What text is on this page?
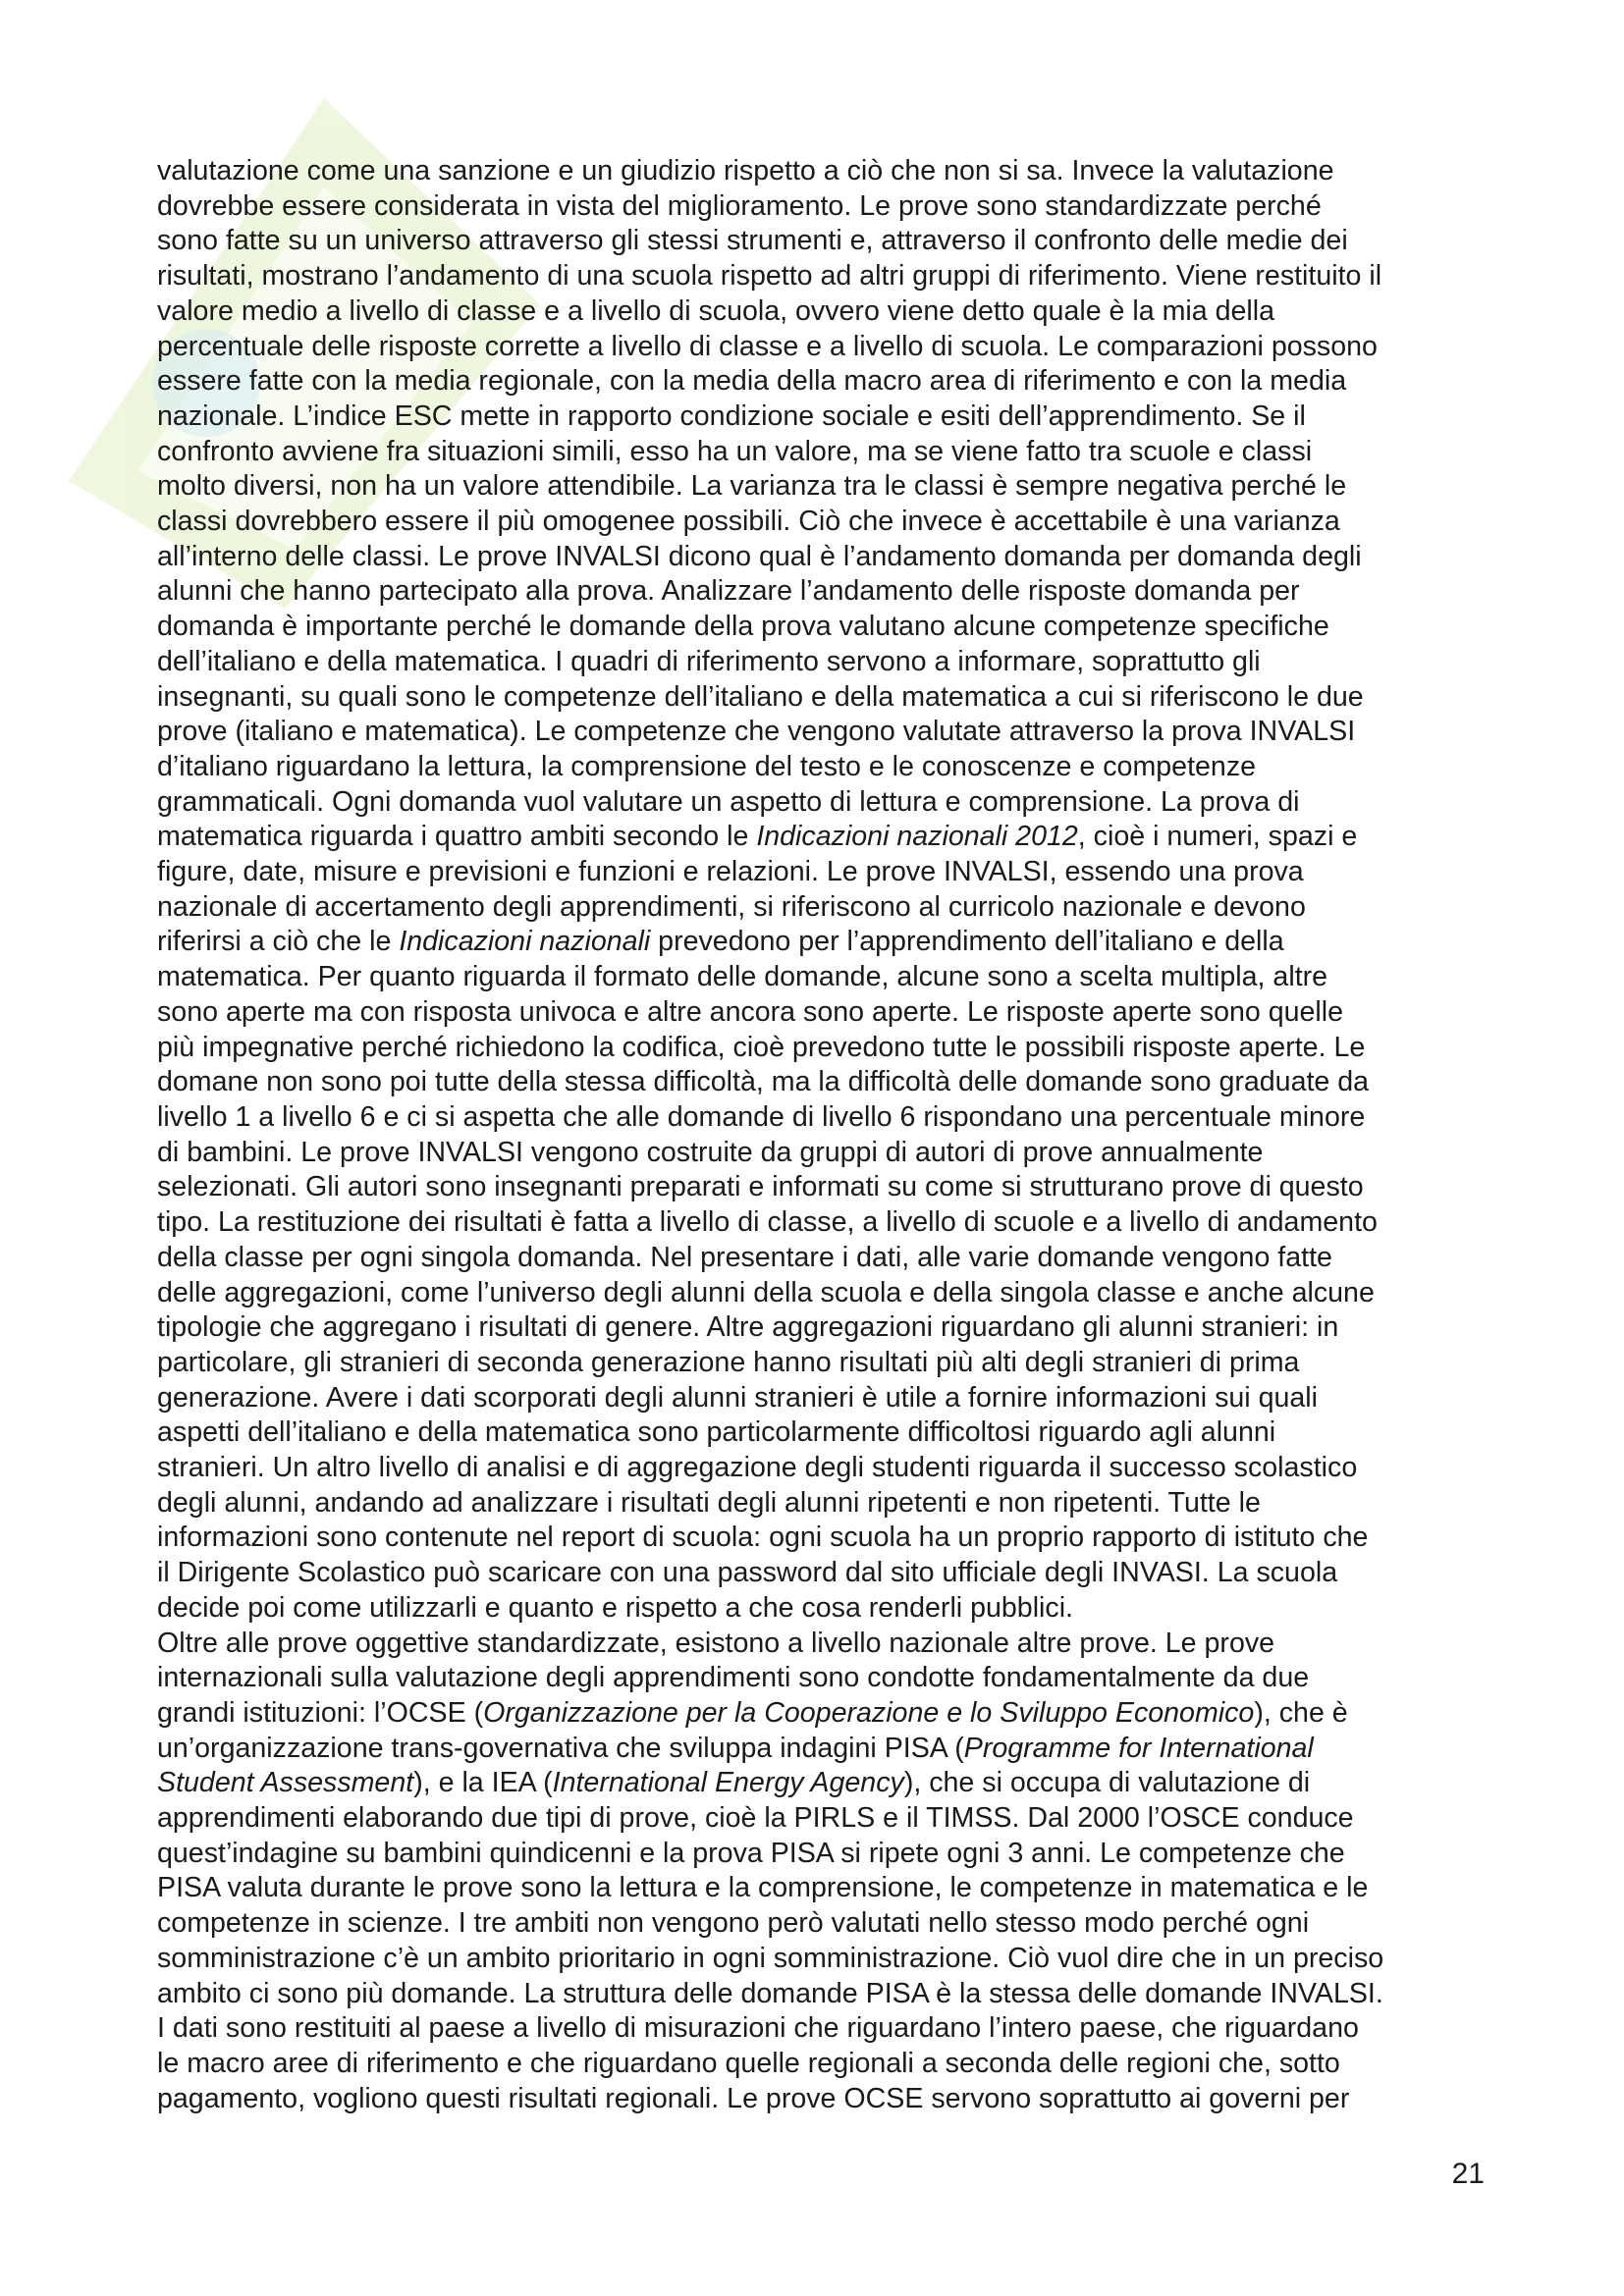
valutazione come una sanzione e un giudizio rispetto a ciò che non si sa. Invece la valutazione

dovrebbe essere considerata in vista del miglioramento. Le prove sono standardizzate perché

sono fatte su un universo attraverso gli stessi strumenti e, attraverso il confronto delle medie dei

risultati, mostrano l’andamento di una scuola rispetto ad altri gruppi di riferimento. Viene restituito il

valore medio a livello di classe e a livello di scuola, ovvero viene detto quale è la mia della

percentuale delle risposte corrette a livello di classe e a livello di scuola. Le comparazioni possono

essere fatte con la media regionale, con la media della macro area di riferimento e con la media

nazionale. L’indice ESC mette in rapporto condizione sociale e esiti dell’apprendimento. Se il

confronto avviene fra situazioni simili, esso ha un valore, ma se viene fatto tra scuole e classi

molto diversi, non ha un valore attendibile. La varianza tra le classi è sempre negativa perché le

classi dovrebbero essere il più omogenee possibili. Ciò che invece è accettabile è una varianza

all’interno delle classi. Le prove INVALSI dicono qual è l’andamento domanda per domanda degli

alunni che hanno partecipato alla prova. Analizzare l’andamento delle risposte domanda per

domanda è importante perché le domande della prova valutano alcune competenze specifiche

dell’italiano e della matematica. I quadri di riferimento servono a informare, soprattutto gli

insegnanti, su quali sono le competenze dell’italiano e della matematica a cui si riferiscono le due

prove (italiano e matematica). Le competenze che vengono valutate attraverso la prova INVALSI

d’italiano riguardano la lettura, la comprensione del testo e le conoscenze e competenze

grammaticali. Ogni domanda vuol valutare un aspetto di lettura e comprensione. La prova di

matematica riguarda i quattro ambiti secondo le Indicazioni nazionali 2012, cioè i numeri, spazi e

figure, date, misure e previsioni e funzioni e relazioni. Le prove INVALSI, essendo una prova

nazionale di accertamento degli apprendimenti, si riferiscono al curricolo nazionale e devono

riferirsi a ciò che le Indicazioni nazionali prevedono per l’apprendimento dell’italiano e della

matematica. Per quanto riguarda il formato delle domande, alcune sono a scelta multipla, altre

sono aperte ma con risposta univoca e altre ancora sono aperte. Le risposte aperte sono quelle

più impegnative perché richiedono la codifica, cioè prevedono tutte le possibili risposte aperte. Le

domane non sono poi tutte della stessa difficoltà, ma la difficoltà delle domande sono graduate da

livello 1 a livello 6 e ci si aspetta che alle domande di livello 6 rispondano una percentuale minore

di bambini. Le prove INVALSI vengono costruite da gruppi di autori di prove annualmente

selezionati. Gli autori sono insegnanti preparati e informati su come si strutturano prove di questo

tipo. La restituzione dei risultati è fatta a livello di classe, a livello di scuole e a livello di andamento

della classe per ogni singola domanda. Nel presentare i dati, alle varie domande vengono fatte

delle aggregazioni, come l’universo degli alunni della scuola e della singola classe e anche alcune

tipologie che aggregano i risultati di genere. Altre aggregazioni riguardano gli alunni stranieri: in

particolare, gli stranieri di seconda generazione hanno risultati più alti degli stranieri di prima

generazione. Avere i dati scorporati degli alunni stranieri è utile a fornire informazioni sui quali

aspetti dell’italiano e della matematica sono particolarmente difficoltosi riguardo agli alunni

stranieri. Un altro livello di analisi e di aggregazione degli studenti riguarda il successo scolastico

degli alunni, andando ad analizzare i risultati degli alunni ripetenti e non ripetenti. Tutte le

informazioni sono contenute nel report di scuola: ogni scuola ha un proprio rapporto di istituto che

il Dirigente Scolastico può scaricare con una password dal sito ufficiale degli INVASI. La scuola

decide poi come utilizzarli e quanto e rispetto a che cosa renderli pubblici.

Oltre alle prove oggettive standardizzate, esistono a livello nazionale altre prove. Le prove

internazionali sulla valutazione degli apprendimenti sono condotte fondamentalmente da due

grandi istituzioni: l’OCSE (Organizzazione per la Cooperazione e lo Sviluppo Economico), che è

un’organizzazione trans-governativa che sviluppa indagini PISA (Programme for International

Student Assessment), e la IEA (International Energy Agency), che si occupa di valutazione di

apprendimenti elaborando due tipi di prove, cioè la PIRLS e il TIMSS. Dal 2000 l’OSCE conduce

quest’indagine su bambini quindicenni e la prova PISA si ripete ogni 3 anni. Le competenze che

PISA valuta durante le prove sono la lettura e la comprensione, le competenze in matematica e le

competenze in scienze. I tre ambiti non vengono però valutati nello stesso modo perché ogni

somministrazione c’è un ambito prioritario in ogni somministrazione. Ciò vuol dire che in un preciso

ambito ci sono più domande. La struttura delle domande PISA è la stessa delle domande INVALSI.

I dati sono restituiti al paese a livello di misurazioni che riguardano l’intero paese, che riguardano

le macro aree di riferimento e che riguardano quelle regionali a seconda delle regioni che, sotto

pagamento, vogliono questi risultati regionali. Le prove OCSE servono soprattutto ai governi per

21
